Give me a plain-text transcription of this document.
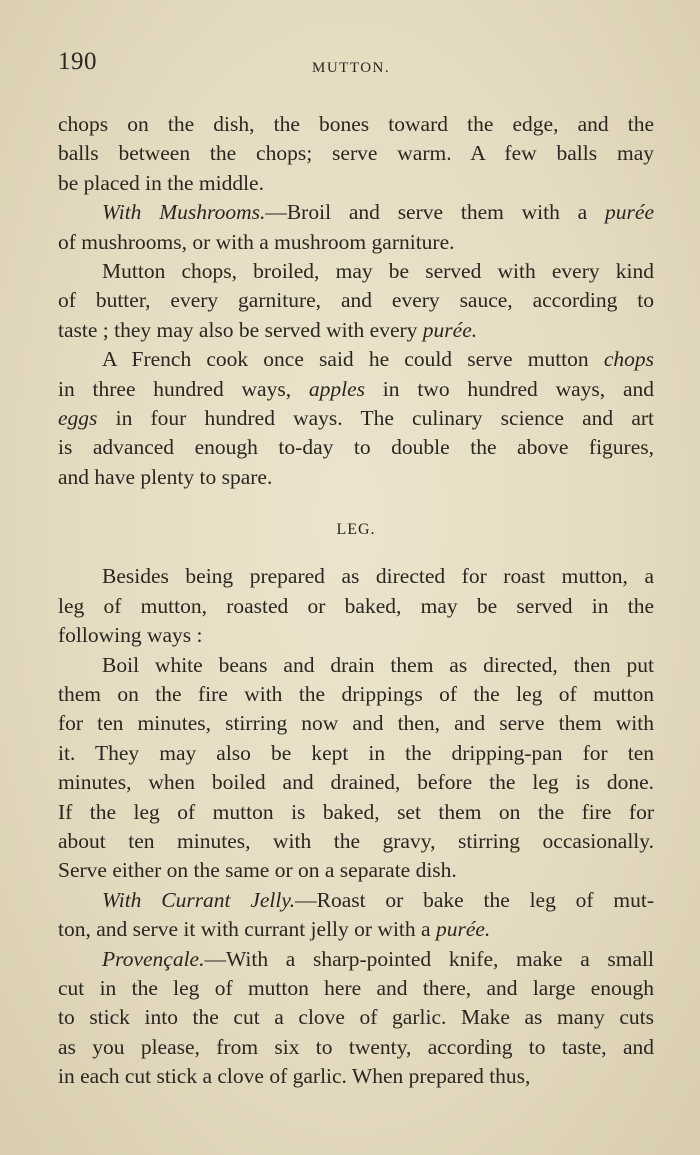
190	MUTTON.
chops on the dish, the bones toward the edge, and the
balls between the chops; serve warm. A few balls may
be placed in the middle.
With Mushrooms.—Broil and serve them with a purée
of mushrooms, or with a mushroom garniture.
Mutton chops, broiled, may be served with every kind
of butter, every garniture, and every sauce, according to
taste ; they may also be served with every purée.
A French cook once said he could serve mutton chops
in three hundred ways, apples in two hundred ways, and
eggs in four hundred ways. The culinary science and art
is advanced enough to-day to double the above figures,
and have plenty to spare.
LEG.
Besides being prepared as directed for roast mutton, a
leg of mutton, roasted or baked, may be served in the
following ways :
Boil white beans and drain them as directed, then put
them on the fire with the drippings of the leg of mutton
for ten minutes, stirring now and then, and serve them with
it. They may also be kept in the dripping-pan for ten
minutes, when boiled and drained, before the leg is done.
If the leg of mutton is baked, set them on the fire for
about ten minutes, with the gravy, stirring occasionally.
Serve either on the same or on a separate dish.
With Currant Jelly.—Roast or bake the leg of mut-
ton, and serve it with currant jelly or with a purée.
Provençale.—With a sharp-pointed knife, make a small
cut in the leg of mutton here and there, and large enough
to stick into the cut a clove of garlic. Make as many cuts
as you please, from six to twenty, according to taste, and
in each cut stick a clove of garlic. When prepared thus,
